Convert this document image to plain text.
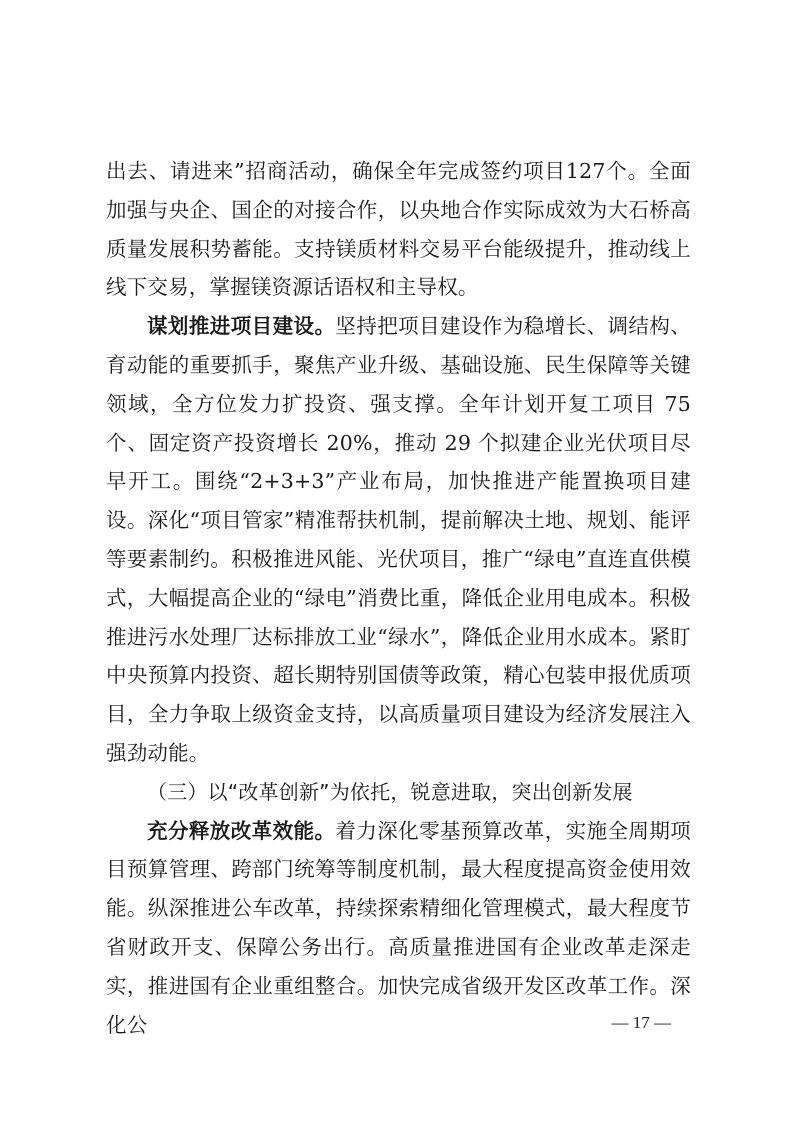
出去、请进来”招商活动，确保全年完成签约项目127个。全面加强与央企、国企的对接合作，以央地合作实际成效为大石桥高质量发展积势蓄能。支持镁质材料交易平台能级提升，推动线上线下交易，掌握镁资源话语权和主导权。

谋划推进项目建设。坚持把项目建设作为稳增长、调结构、育动能的重要抓手，聚焦产业升级、基础设施、民生保障等关键领域，全方位发力扩投资、强支撑。全年计划开复工项目 75 个、固定资产投资增长 20%，推动 29 个拟建企业光伏项目尽早开工。围绕“2+3+3”产业布局，加快推进产能置换项目建设。深化“项目管家”精准帮扶机制，提前解决土地、规划、能评等要素制约。积极推进风能、光伏项目，推广“绿电”直连直供模式，大幅提高企业的“绿电”消费比重，降低企业用电成本。积极推进污水处理厂达标排放工业“绿水”，降低企业用水成本。紧盯中央预算内投资、超长期特别国债等政策，精心包装申报优质项目，全力争取上级资金支持，以高质量项目建设为经济发展注入强劲动能。

（三）以“改革创新”为依托，锐意进取，突出创新发展

充分释放改革效能。着力深化零基预算改革，实施全周期项目预算管理、跨部门统筹等制度机制，最大程度提高资金使用效能。纵深推进公车改革，持续探索精细化管理模式，最大程度节省财政开支、保障公务出行。高质量推进国有企业改革走深走实，推进国有企业重组整合。加快完成省级开发区改革工作。深化公	— 17 —
